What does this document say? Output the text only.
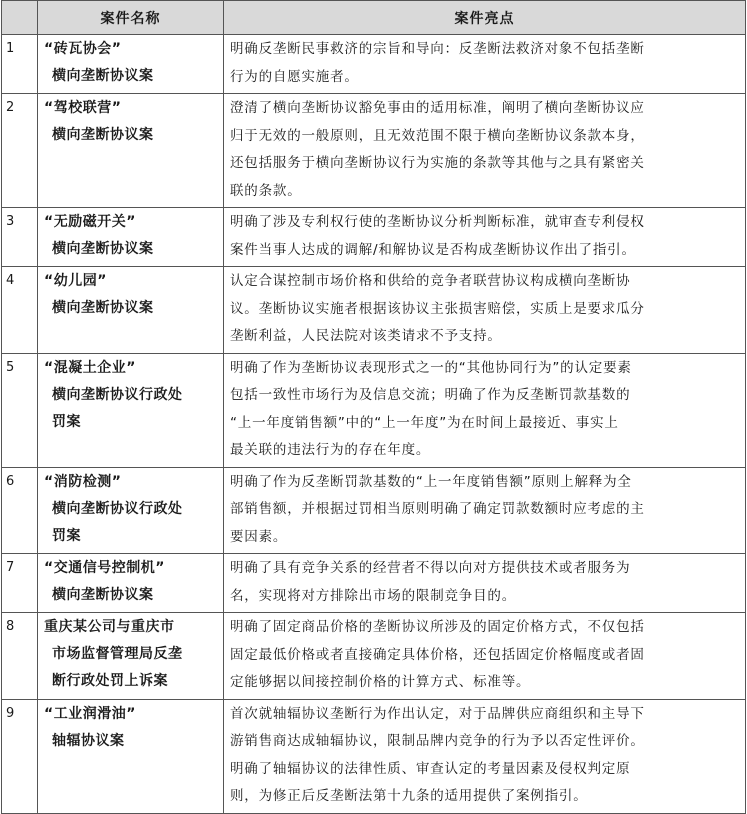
	案件名称	案件亮点
1	“砖瓦协会”
横向垄断协议案	明确反垄断民事救济的宗旨和导向：反垄断法救济对象不包括垄断
行为的自愿实施者。

2	“驾校联营”
横向垄断协议案	澄清了横向垄断协议豁免事由的适用标准，阐明了横向垄断协议应
归于无效的一般原则，且无效范围不限于横向垄断协议条款本身，
还包括服务于横向垄断协议行为实施的条款等其他与之具有紧密关
联的条款。

3	“无励磁开关”
横向垄断协议案	明确了涉及专利权行使的垄断协议分析判断标准，就审查专利侵权
案件当事人达成的调解/和解协议是否构成垄断协议作出了指引。

4	“幼儿园”
横向垄断协议案	认定合谋控制市场价格和供给的竞争者联营协议构成横向垄断协
议。垄断协议实施者根据该协议主张损害赔偿，实质上是要求瓜分
垄断利益，人民法院对该类请求不予支持。

5	“混凝土企业”
横向垄断协议行政处
罚案	明确了作为垄断协议表现形式之一的“其他协同行为”的认定要素
包括一致性市场行为及信息交流；明确了作为反垄断罚款基数的
“上一年度销售额”中的“上一年度”为在时间上最接近、事实上
最关联的违法行为的存在年度。

6	“消防检测”
横向垄断协议行政处
罚案	明确了作为反垄断罚款基数的“上一年度销售额”原则上解释为全
部销售额，并根据过罚相当原则明确了确定罚款数额时应考虑的主
要因素。

7	“交通信号控制机”
横向垄断协议案	明确了具有竞争关系的经营者不得以向对方提供技术或者服务为
名，实现将对方排除出市场的限制竞争目的。

8	重庆某公司与重庆市
市场监督管理局反垄
断行政处罚上诉案	明确了固定商品价格的垄断协议所涉及的固定价格方式，不仅包括
固定最低价格或者直接确定具体价格，还包括固定价格幅度或者固
定能够据以间接控制价格的计算方式、标准等。

9	“工业润滑油”
轴辐协议案	首次就轴辐协议垄断行为作出认定，对于品牌供应商组织和主导下
游销售商达成轴辐协议，限制品牌内竞争的行为予以否定性评价。
明确了轴辐协议的法律性质、审查认定的考量因素及侵权判定原
则，为修正后反垄断法第十九条的适用提供了案例指引。
